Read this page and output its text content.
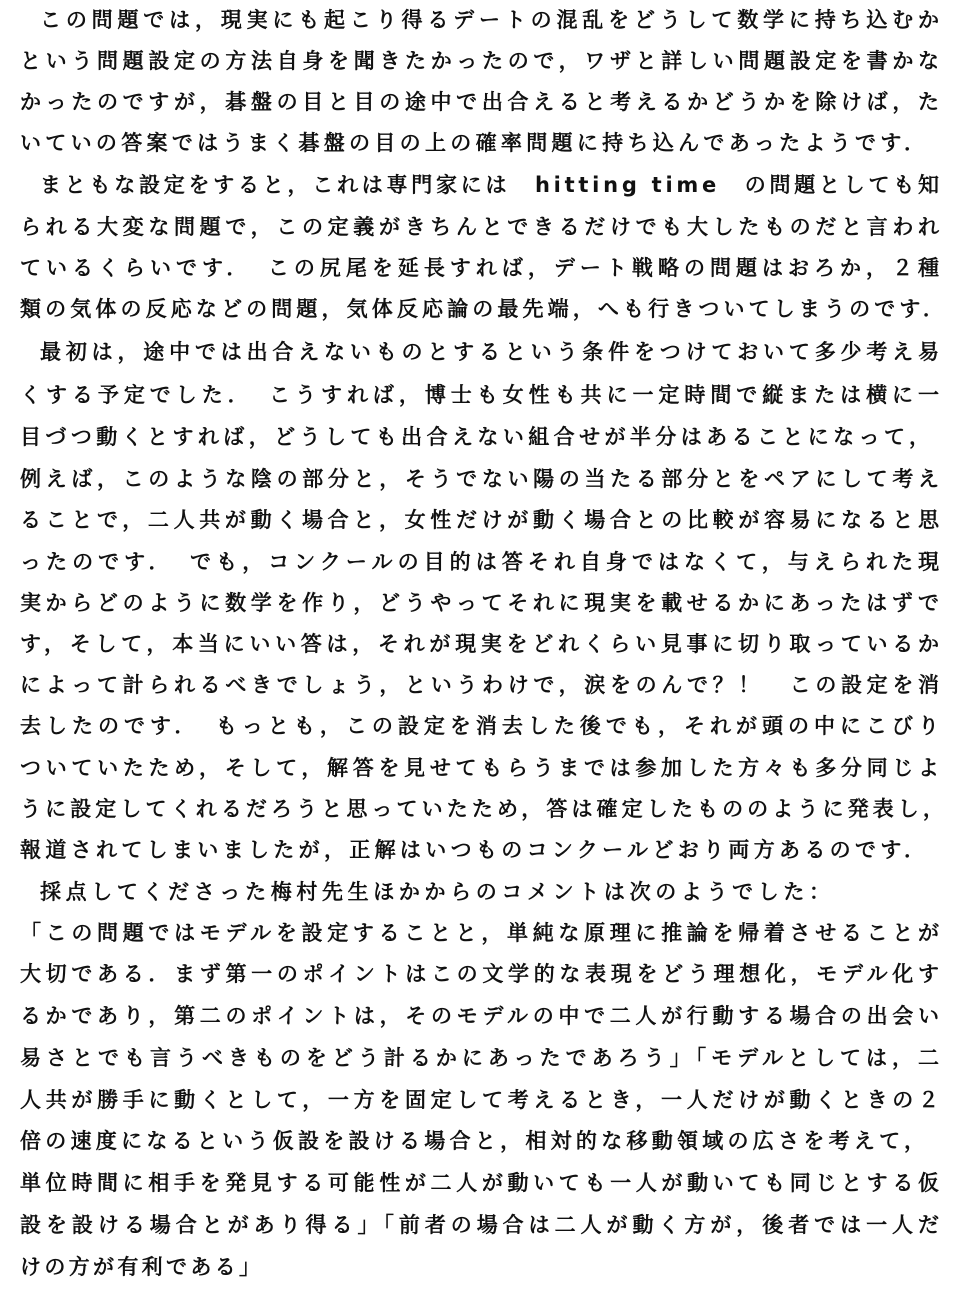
この問題では，現実にも起こり得るデートの混乱をどうして数学に持ち込むか
という問題設定の方法自身を聞きたかったので，ワザと詳しい問題設定を書かな
かったのですが，碁盤の目と目の途中で出合えると考えるかどうかを除けば，た
いていの答案ではうまく碁盤の目の上の確率問題に持ち込んであったようです．
まともな設定をすると，これは専門家には　hitting time　の問題としても知
られる大変な問題で，この定義がきちんとできるだけでも大したものだと言われ
ているくらいです．　この尻尾を延長すれば，デート戦略の問題はおろか，２種
類の気体の反応などの問題，気体反応論の最先端，へも行きついてしまうのです．
最初は，途中では出合えないものとするという条件をつけておいて多少考え易
くする予定でした．　こうすれば，博士も女性も共に一定時間で縦または横に一
目づつ動くとすれば，どうしても出合えない組合せが半分はあることになって，
例えば，このような陰の部分と，そうでない陽の当たる部分とをペアにして考え
ることで，二人共が動く場合と，女性だけが動く場合との比較が容易になると思
ったのです．　でも，コンクールの目的は答それ自身ではなくて，与えられた現
実からどのように数学を作り，どうやってそれに現実を載せるかにあったはずで
す，そして，本当にいい答は，それが現実をどれくらい見事に切り取っているか
によって計られるべきでしょう，というわけで，涙をのんで？！　この設定を消
去したのです．　もっとも，この設定を消去した後でも，それが頭の中にこびり
ついていたため，そして，解答を見せてもらうまでは参加した方々も多分同じよ
うに設定してくれるだろうと思っていたため，答は確定したもののように発表し，
報道されてしまいましたが，正解はいつものコンクールどおり両方あるのです．
採点してくださった梅村先生ほかからのコメントは次のようでした：
「この問題ではモデルを設定することと，単純な原理に推論を帰着させることが
大切である．まず第一のポイントはこの文学的な表現をどう理想化，モデル化す
るかであり，第二のポイントは，そのモデルの中で二人が行動する場合の出会い
易さとでも言うべきものをどう計るかにあったであろう」「モデルとしては，二
人共が勝手に動くとして，一方を固定して考えるとき，一人だけが動くときの２
倍の速度になるという仮設を設ける場合と，相対的な移動領域の広さを考えて，
単位時間に相手を発見する可能性が二人が動いても一人が動いても同じとする仮
設を設ける場合とがあり得る」「前者の場合は二人が動く方が，後者では一人だ
けの方が有利である」
